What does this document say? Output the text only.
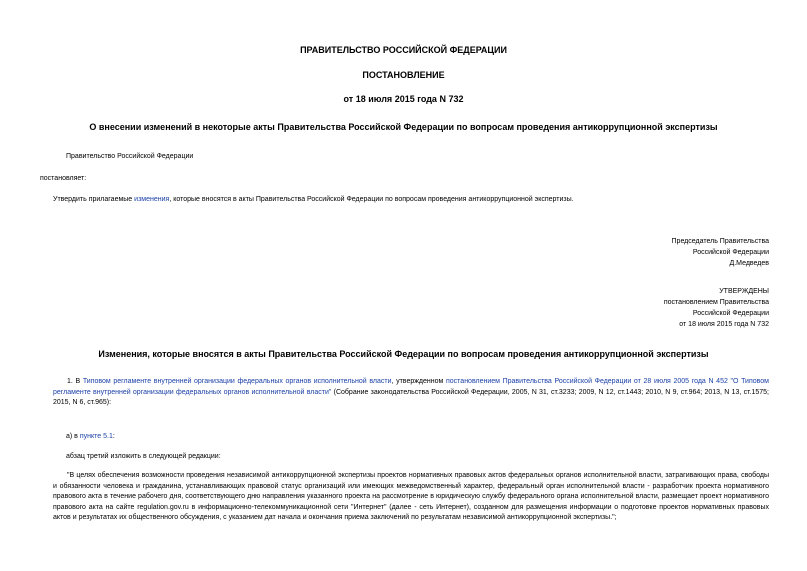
ПРАВИТЕЛЬСТВО РОССИЙСКОЙ ФЕДЕРАЦИИ
ПОСТАНОВЛЕНИЕ
от 18 июля 2015 года N 732
О внесении изменений в некоторые акты Правительства Российской Федерации по вопросам проведения антикоррупционной экспертизы
Правительство Российской Федерации
постановляет:
Утвердить прилагаемые изменения, которые вносятся в акты Правительства Российской Федерации по вопросам проведения антикоррупционной экспертизы.
Председатель Правительства
Российской Федерации
Д.Медведев
УТВЕРЖДЕНЫ
постановлением Правительства
Российской Федерации
от 18 июля 2015 года N 732
Изменения, которые вносятся в акты Правительства Российской Федерации по вопросам проведения антикоррупционной экспертизы
1. В Типовом регламенте внутренней организации федеральных органов исполнительной власти, утвержденном постановлением Правительства Российской Федерации от 28 июля 2005 года N 452 "О Типовом регламенте внутренней организации федеральных органов исполнительной власти" (Собрание законодательства Российской Федерации, 2005, N 31, ст.3233; 2009, N 12, ст.1443; 2010, N 9, ст.964; 2013, N 13, ст.1575; 2015, N 6, ст.965):
а) в пункте 5.1:
абзац третий изложить в следующей редакции:
"В целях обеспечения возможности проведения независимой антикоррупционной экспертизы проектов нормативных правовых актов федеральных органов исполнительной власти, затрагивающих права, свободы и обязанности человека и гражданина, устанавливающих правовой статус организаций или имеющих межведомственный характер, федеральный орган исполнительной власти - разработчик проекта нормативного правового акта в течение рабочего дня, соответствующего дню направления указанного проекта на рассмотрение в юридическую службу федерального органа исполнительной власти, размещает проект нормативного правового акта на сайте regulation.gov.ru в информационно-телекоммуникационной сети "Интернет" (далее - сеть Интернет), созданном для размещения информации о подготовке проектов нормативных правовых актов и результатах их общественного обсуждения, с указанием дат начала и окончания приема заключений по результатам независимой антикоррупционной экспертизы.";
